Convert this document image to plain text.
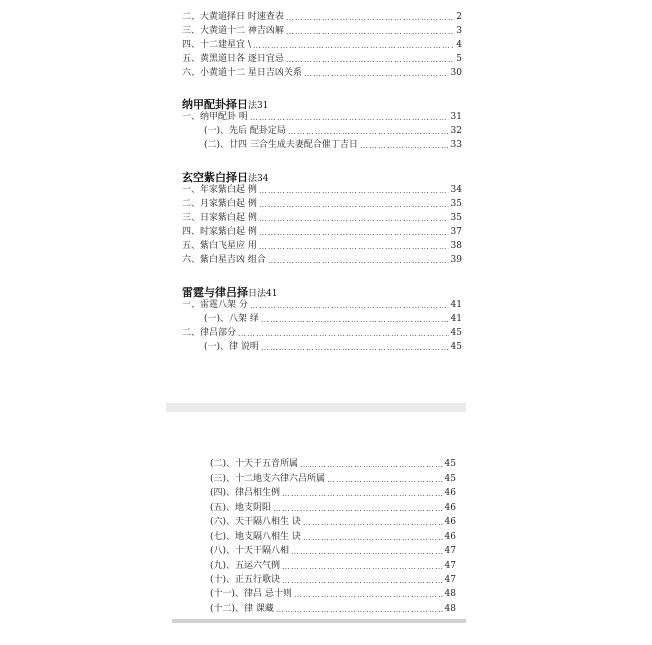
二、大黄道择日 时速查表 ………………………………………………………………………………………………………………	2
三、大黄道十二 神吉凶解 ………………………………………………………………………………………………………………	3
四、十二建星宜 \ ………………………………………………………………………………………………………………	4
五、黄黑道日各 逐日宜忌 ………………………………………………………………………………………………………………	5
六、小黄道十二 星日吉凶关系 ………………………………………………………………………………………………………………	30
纳甲配卦择日法31
一、纳甲配卦 明 ………………………………………………………………………………………………………………	31
(一)、先后 配卦定局 ………………………………………………………………………………………………………………	32
(二)、廿四 三合生成夫妻配合催丁吉日 ………………………………………………………………………………………………………………	33
玄空紫白择日法34
一、年家紫白起 例 ………………………………………………………………………………………………………………	34
二、月家紫白起 例 ………………………………………………………………………………………………………………	35
三、日家紫白起 例 ………………………………………………………………………………………………………………	35
四、时家紫白起 例 ………………………………………………………………………………………………………………	37
五、紫白飞星应 用 ………………………………………………………………………………………………………………	38
六、紫白星吉凶 组合 ………………………………………………………………………………………………………………	39
雷霆与律吕择日法41
一、雷霆八架 分 ………………………………………………………………………………………………………………	41
(一)、八架 绎 ………………………………………………………………………………………………………………	41
二、律吕部分 ………………………………………………………………………………………………………………	45
(一)、律 说明 ………………………………………………………………………………………………………………	45
(二)、十天干五音所属 ………………………………………………………………………………………………………………	45
(三)、十二地支六律六吕所属 ………………………………………………………………………………………………………………	45
(四)、律吕相生例 ………………………………………………………………………………………………………………	46
(五)、地支阴阳 ………………………………………………………………………………………………………………	46
(六)、天干隔八相生 诀 ………………………………………………………………………………………………………………	46
(七)、地支隔八相生 诀 ………………………………………………………………………………………………………………	46
(八)、十天干隔八相 ………………………………………………………………………………………………………………	47
(九)、五运六气例 ………………………………………………………………………………………………………………	47
(十)、正五行歌诀 ………………………………………………………………………………………………………………	47
(十一)、律吕 忌十则 ………………………………………………………………………………………………………………	48
(十二)、律 课藏 ………………………………………………………………………………………………………………	48
